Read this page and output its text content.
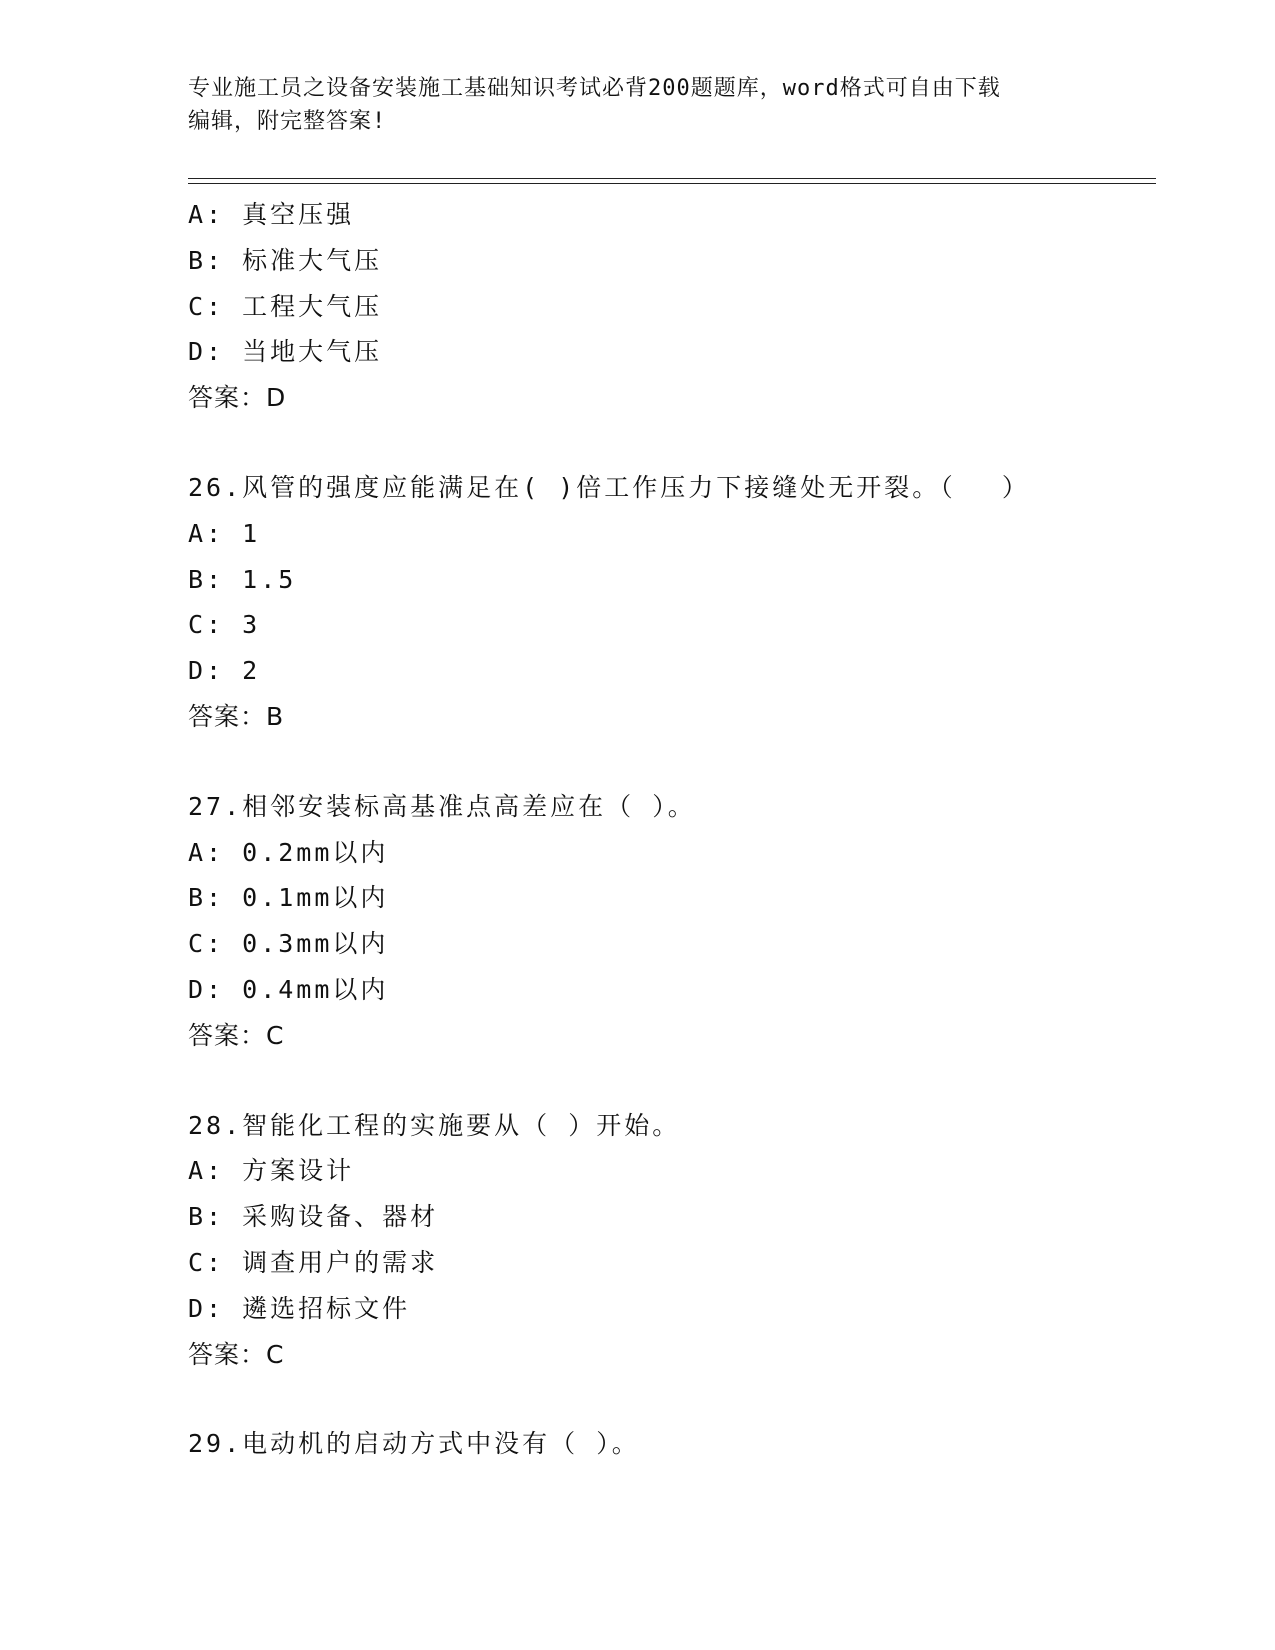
专业施工员之设备安装施工基础知识考试必背200题题库，word格式可自由下载
编辑，附完整答案!
A: 真空压强
B: 标准大气压
C: 工程大气压
D: 当地大气压
答案：D
26.风管的强度应能满足在( )倍工作压力下接缝处无开裂。（　 ）
A: 1
B: 1.5
C: 3
D: 2
答案：B
27.相邻安装标高基准点高差应在（ ）。
A: 0.2mm以内
B: 0.1mm以内
C: 0.3mm以内
D: 0.4mm以内
答案：C
28.智能化工程的实施要从（ ）开始。
A: 方案设计
B: 采购设备、器材
C: 调查用户的需求
D: 遴选招标文件
答案：C
29.电动机的启动方式中没有（ ）。
